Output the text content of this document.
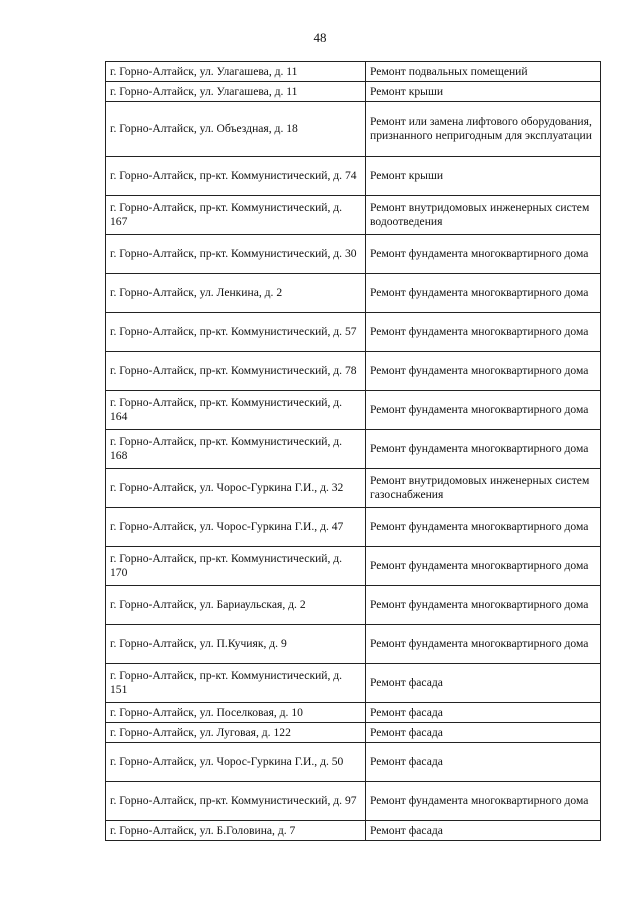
48
г. Горно-Алтайск, ул. Улагашева, д. 11	Ремонт подвальных помещений
г. Горно-Алтайск, ул. Улагашева, д. 11	Ремонт крыши
г. Горно-Алтайск, ул. Объездная, д. 18	Ремонт или замена лифтового оборудования, признанного непригодным для эксплуатации
г. Горно-Алтайск, пр-кт. Коммунистический, д. 74	Ремонт крыши
г. Горно-Алтайск, пр-кт. Коммунистический, д. 167	Ремонт внутридомовых инженерных систем водоотведения
г. Горно-Алтайск, пр-кт. Коммунистический, д. 30	Ремонт фундамента многоквартирного дома
г. Горно-Алтайск, ул. Ленкина, д. 2	Ремонт фундамента многоквартирного дома
г. Горно-Алтайск, пр-кт. Коммунистический, д. 57	Ремонт фундамента многоквартирного дома
г. Горно-Алтайск, пр-кт. Коммунистический, д. 78	Ремонт фундамента многоквартирного дома
г. Горно-Алтайск, пр-кт. Коммунистический, д. 164	Ремонт фундамента многоквартирного дома
г. Горно-Алтайск, пр-кт. Коммунистический, д. 168	Ремонт фундамента многоквартирного дома
г. Горно-Алтайск, ул. Чорос-Гуркина Г.И., д. 32	Ремонт внутридомовых инженерных систем газоснабжения
г. Горно-Алтайск, ул. Чорос-Гуркина Г.И., д. 47	Ремонт фундамента многоквартирного дома
г. Горно-Алтайск, пр-кт. Коммунистический, д. 170	Ремонт фундамента многоквартирного дома
г. Горно-Алтайск, ул. Бариаульская, д. 2	Ремонт фундамента многоквартирного дома
г. Горно-Алтайск, ул. П.Кучияк, д. 9	Ремонт фундамента многоквартирного дома
г. Горно-Алтайск, пр-кт. Коммунистический, д. 151	Ремонт фасада
г. Горно-Алтайск, ул. Поселковая, д. 10	Ремонт фасада
г. Горно-Алтайск, ул. Луговая, д. 122	Ремонт фасада
г. Горно-Алтайск, ул. Чорос-Гуркина Г.И., д. 50	Ремонт фасада
г. Горно-Алтайск, пр-кт. Коммунистический, д. 97	Ремонт фундамента многоквартирного дома
г. Горно-Алтайск, ул. Б.Головина, д. 7	Ремонт фасада
